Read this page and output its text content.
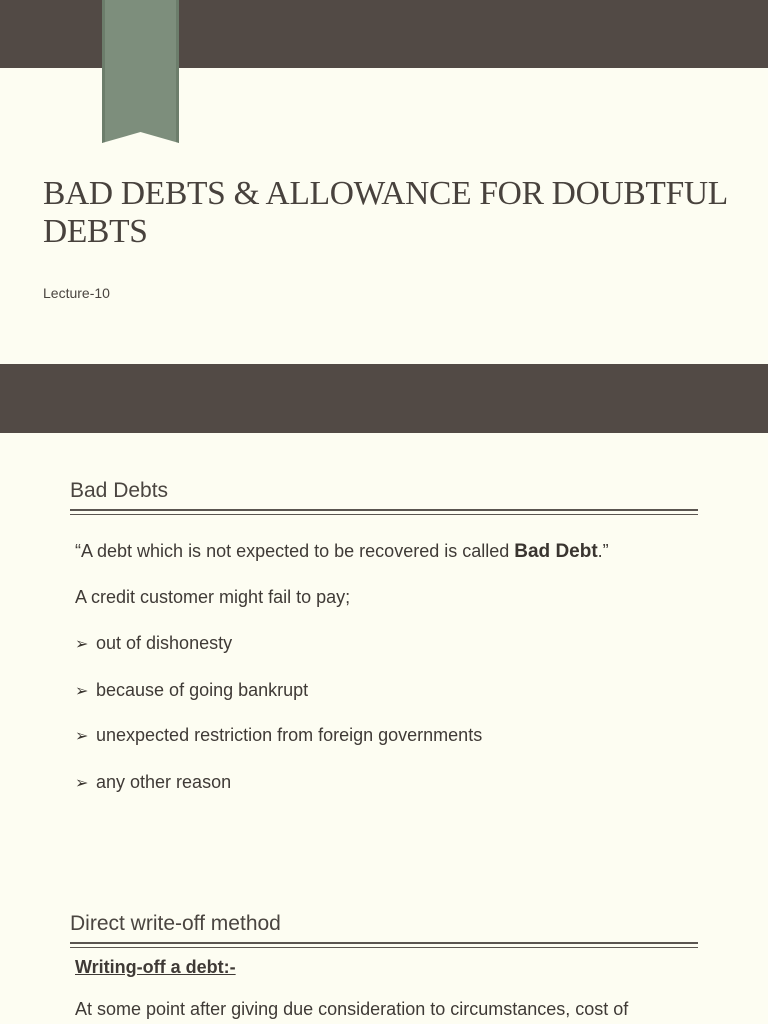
BAD DEBTS & ALLOWANCE FOR DOUBTFUL DEBTS
Lecture-10
Bad Debts
“A debt which is not expected to be recovered is called Bad Debt.”
A credit customer might fail to pay;
➢ out of dishonesty
➢ because of going bankrupt
➢ unexpected restriction from foreign governments
➢ any other reason
Direct write-off method
Writing-off a debt:-
At some point after giving due consideration to circumstances, cost of
